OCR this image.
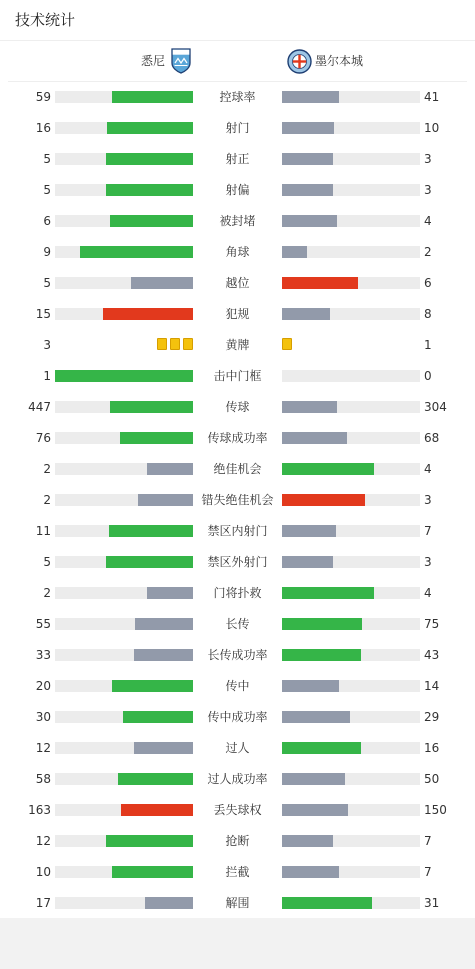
技术统计
悉尼	墨尔本城
59	控球率	41
16	射门	10
5	射正	3
5	射偏	3
6	被封堵	4
9	角球	2
5	越位	6
15	犯规	8
3	黄牌	1
1	击中门框	0
447	传球	304
76	传球成功率	68
2	绝佳机会	4
2	错失绝佳机会	3
11	禁区内射门	7
5	禁区外射门	3
2	门将扑救	4
55	长传	75
33	长传成功率	43
20	传中	14
30	传中成功率	29
12	过人	16
58	过人成功率	50
163	丢失球权	150
12	抢断	7
10	拦截	7
17	解围	31
